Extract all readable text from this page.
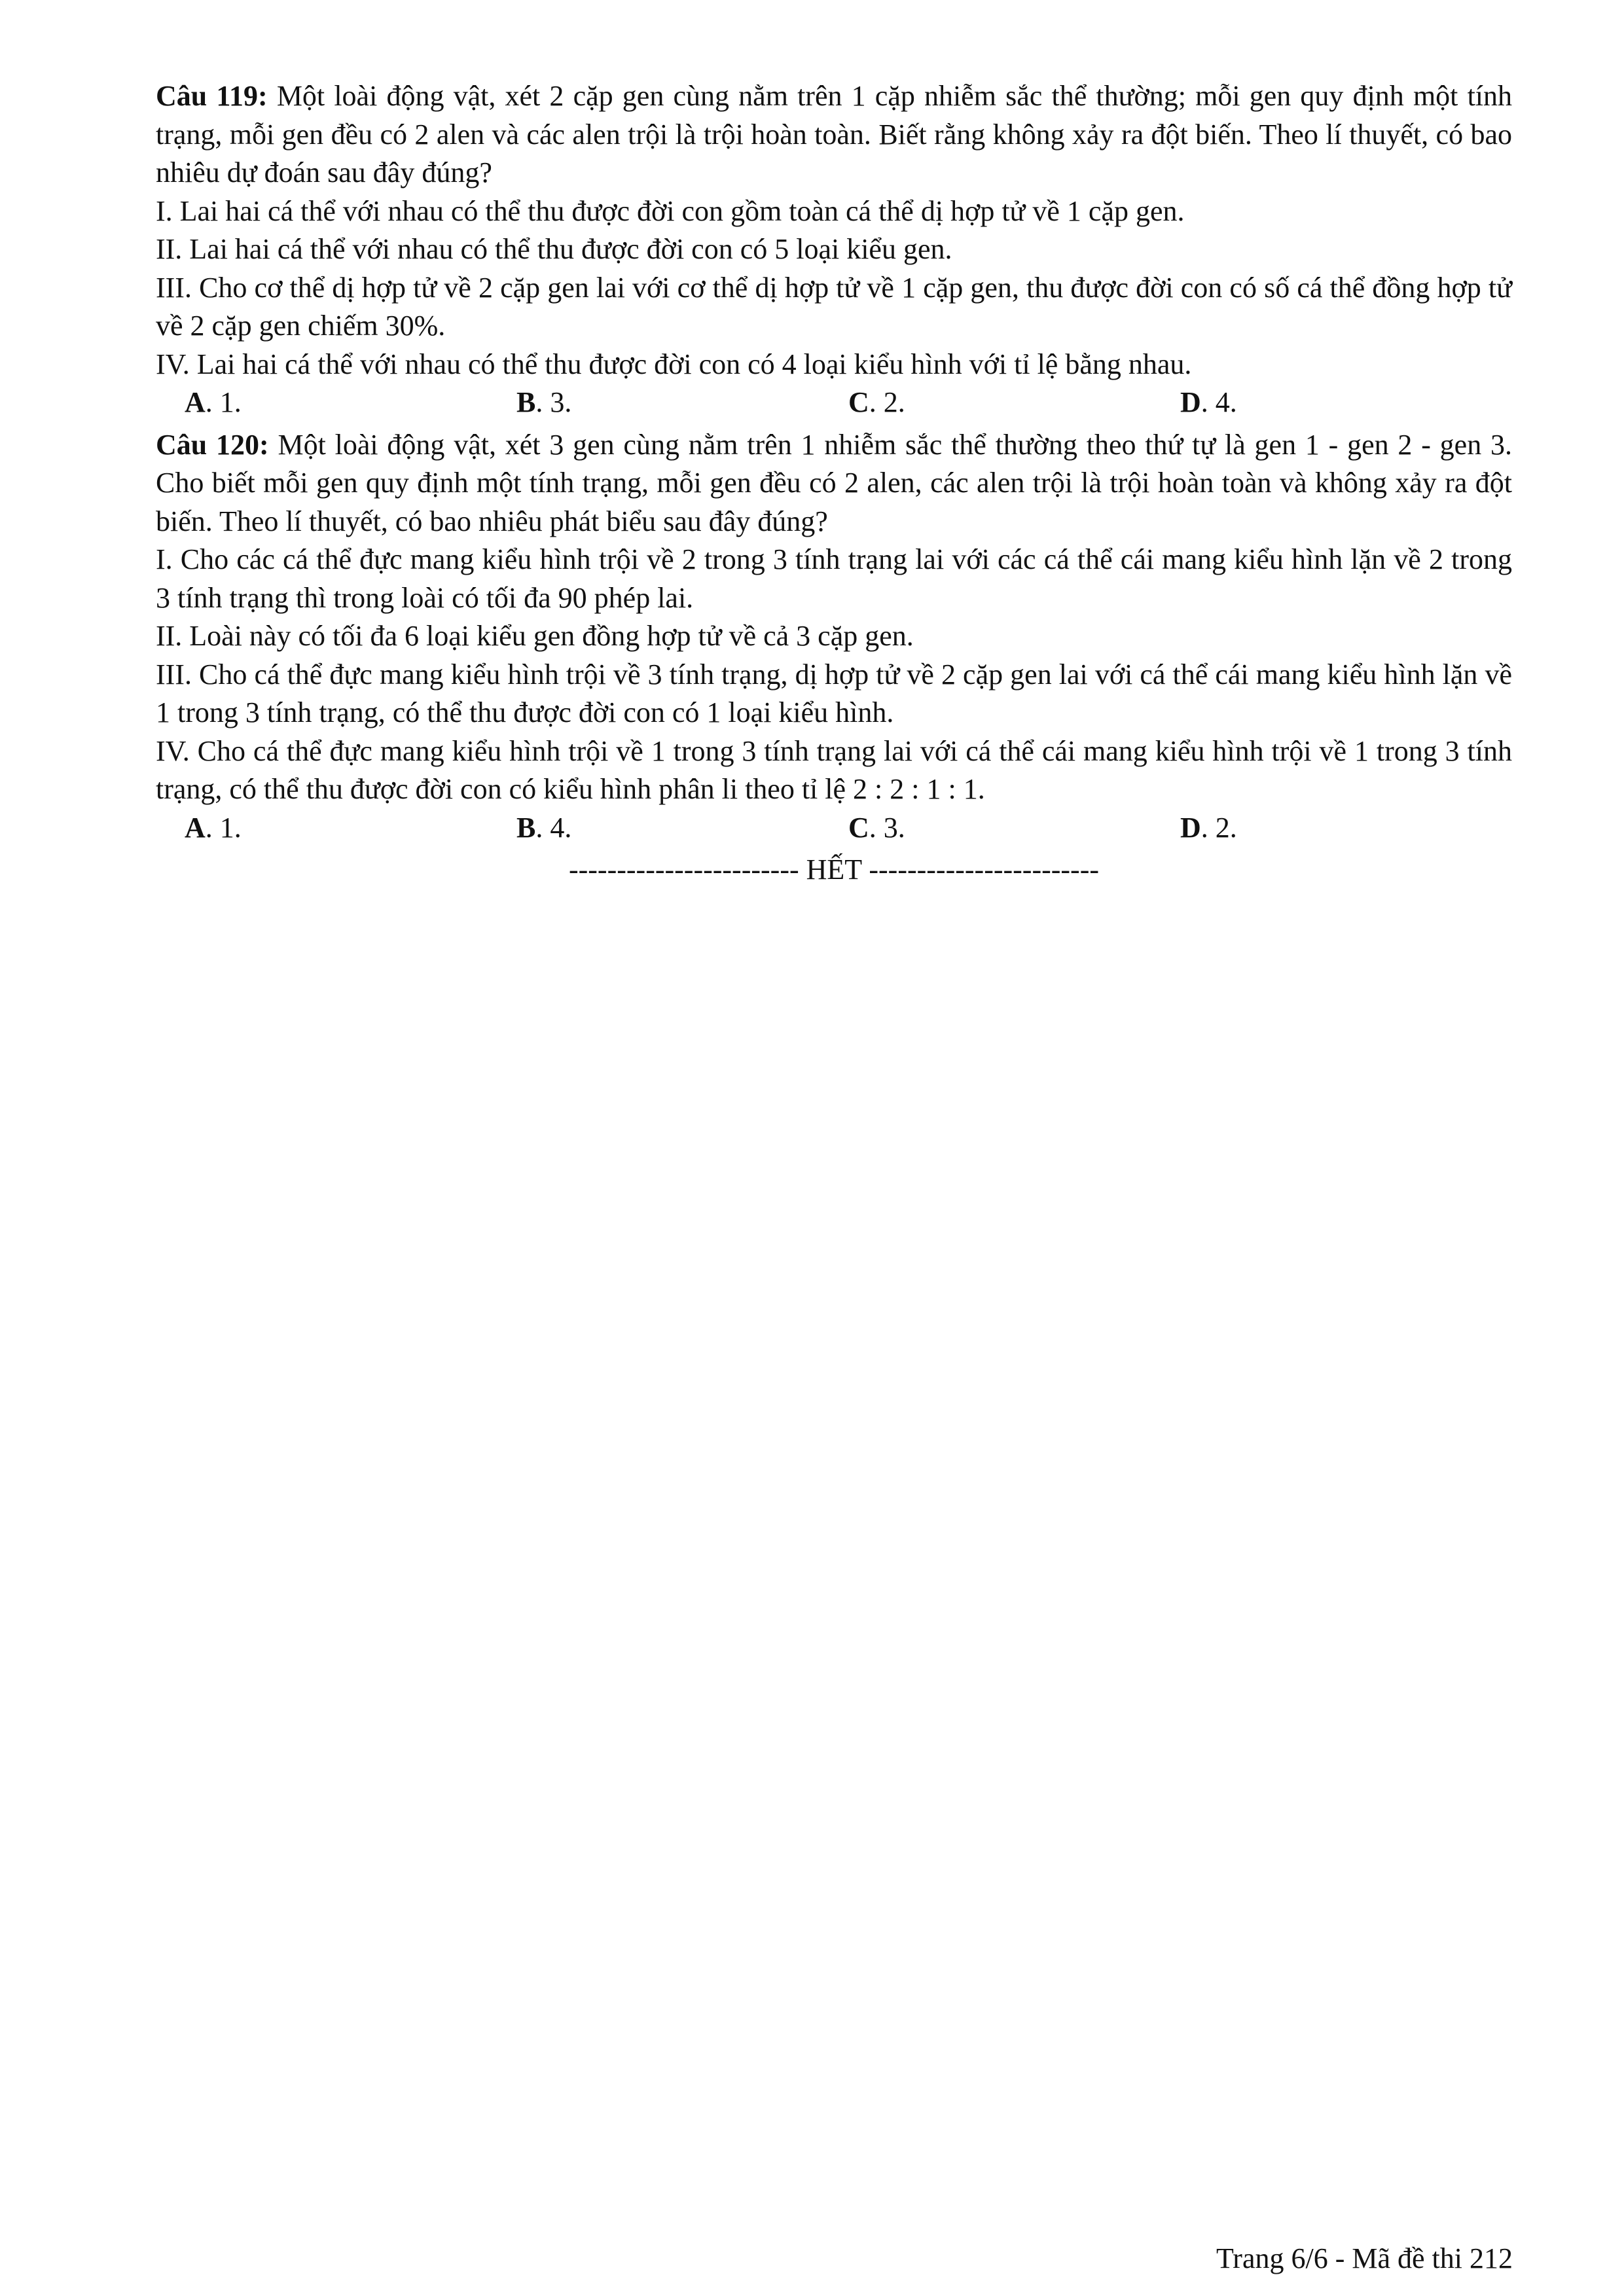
Câu 119: Một loài động vật, xét 2 cặp gen cùng nằm trên 1 cặp nhiễm sắc thể thường; mỗi gen quy định một tính trạng, mỗi gen đều có 2 alen và các alen trội là trội hoàn toàn. Biết rằng không xảy ra đột biến. Theo lí thuyết, có bao nhiêu dự đoán sau đây đúng?

I. Lai hai cá thể với nhau có thể thu được đời con gồm toàn cá thể dị hợp tử về 1 cặp gen.

II. Lai hai cá thể với nhau có thể thu được đời con có 5 loại kiểu gen.

III. Cho cơ thể dị hợp tử về 2 cặp gen lai với cơ thể dị hợp tử về 1 cặp gen, thu được đời con có số cá thể đồng hợp tử về 2 cặp gen chiếm 30%.

IV. Lai hai cá thể với nhau có thể thu được đời con có 4 loại kiểu hình với tỉ lệ bằng nhau.

A. 1.	B. 3.	C. 2.	D. 4.

Câu 120: Một loài động vật, xét 3 gen cùng nằm trên 1 nhiễm sắc thể thường theo thứ tự là gen 1 - gen 2 - gen 3. Cho biết mỗi gen quy định một tính trạng, mỗi gen đều có 2 alen, các alen trội là trội hoàn toàn và không xảy ra đột biến. Theo lí thuyết, có bao nhiêu phát biểu sau đây đúng?

I. Cho các cá thể đực mang kiểu hình trội về 2 trong 3 tính trạng lai với các cá thể cái mang kiểu hình lặn về 2 trong 3 tính trạng thì trong loài có tối đa 90 phép lai.

II. Loài này có tối đa 6 loại kiểu gen đồng hợp tử về cả 3 cặp gen.

III. Cho cá thể đực mang kiểu hình trội về 3 tính trạng, dị hợp tử về 2 cặp gen lai với cá thể cái mang kiểu hình lặn về 1 trong 3 tính trạng, có thể thu được đời con có 1 loại kiểu hình.

IV. Cho cá thể đực mang kiểu hình trội về 1 trong 3 tính trạng lai với cá thể cái mang kiểu hình trội về 1 trong 3 tính trạng, có thể thu được đời con có kiểu hình phân li theo tỉ lệ 2 : 2 : 1 : 1.

A. 1.	B. 4.	C. 3.	D. 2.
------------------------ HẾT ------------------------
Trang 6/6 - Mã đề thi 212
